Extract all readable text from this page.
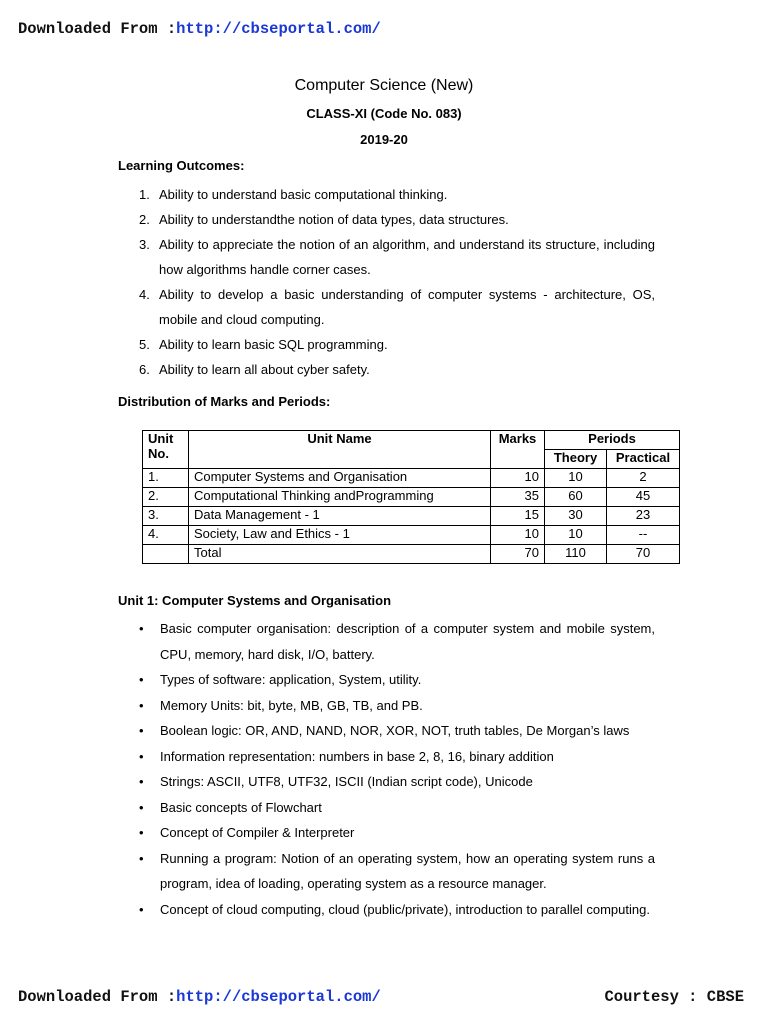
Downloaded From :http://cbseportal.com/
Computer Science (New)
CLASS-XI (Code No. 083)
2019-20
Learning Outcomes:
1. Ability to understand basic computational thinking.
2. Ability to understandthe notion of data types, data structures.
3. Ability to appreciate the notion of an algorithm, and understand its structure, including how algorithms handle corner cases.
4. Ability to develop a basic understanding of computer systems - architecture, OS, mobile and cloud computing.
5. Ability to learn basic SQL programming.
6. Ability to learn all about cyber safety.
Distribution of Marks and Periods:
Unit No.	Unit Name	Marks	Periods	
			Theory	Practical
1.	Computer Systems and Organisation	10	10	2
2.	Computational Thinking andProgramming	35	60	45
3.	Data Management - 1	15	30	23
4.	Society, Law and Ethics - 1	10	10	--
	Total	70	110	70
Unit 1: Computer Systems and Organisation
• Basic computer organisation: description of a computer system and mobile system, CPU, memory, hard disk, I/O, battery.
• Types of software: application, System, utility.
• Memory Units: bit, byte, MB, GB, TB, and PB.
• Boolean logic: OR, AND, NAND, NOR, XOR, NOT, truth tables, De Morgan’s laws
• Information representation: numbers in base 2, 8, 16, binary addition
• Strings: ASCII, UTF8, UTF32, ISCII (Indian script code), Unicode
• Basic concepts of Flowchart
• Concept of Compiler & Interpreter
• Running a program: Notion of an operating system, how an operating system runs a program, idea of loading, operating system as a resource manager.
• Concept of cloud computing, cloud (public/private), introduction to parallel computing.
Downloaded From :http://cbseportal.com/	Courtesy : CBSE
